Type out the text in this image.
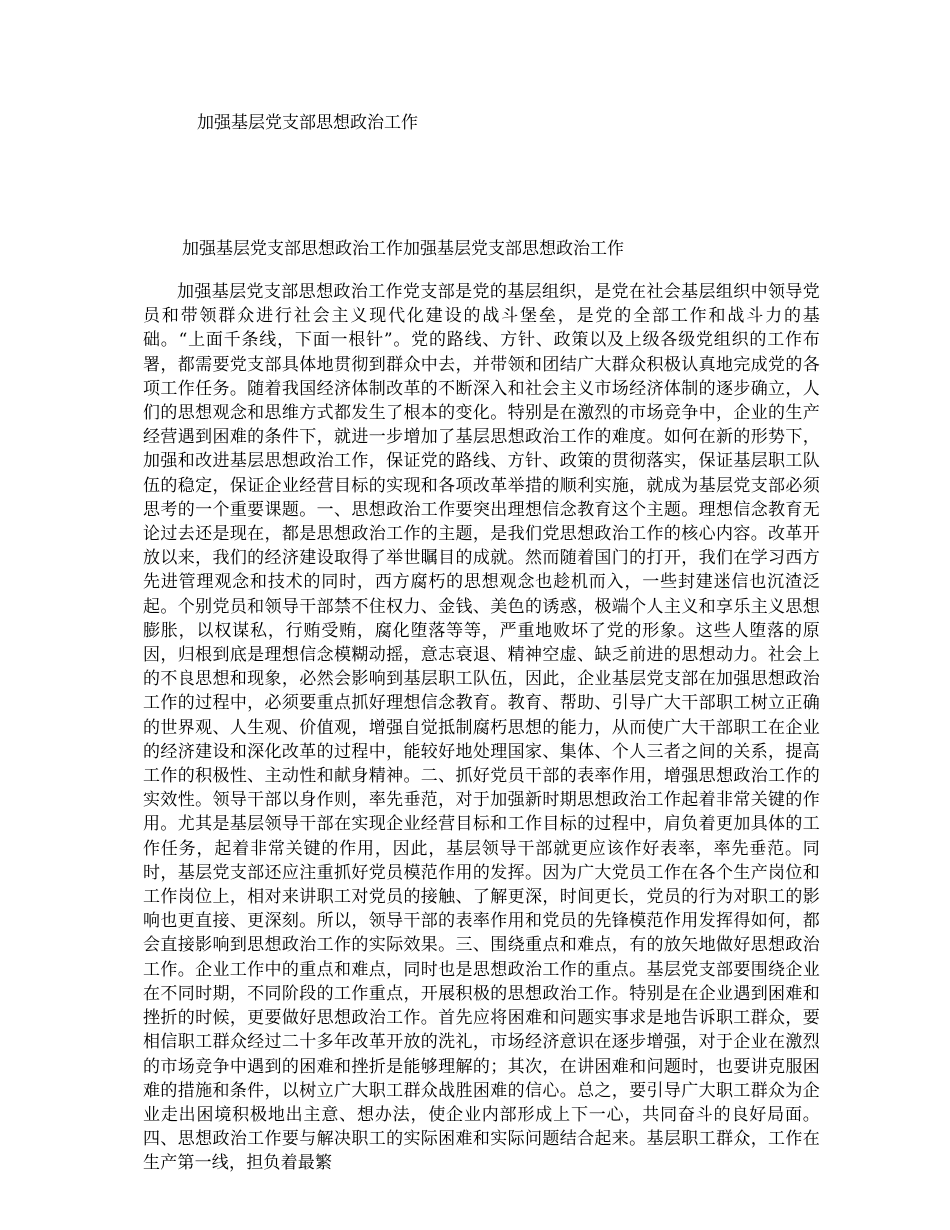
加强基层党支部思想政治工作
加强基层党支部思想政治工作加强基层党支部思想政治工作

加强基层党支部思想政治工作党支部是党的基层组织，是党在社会基层组织中领导党员和带领群众进行社会主义现代化建设的战斗堡垒，是党的全部工作和战斗力的基础。“上面千条线，下面一根针”。党的路线、方针、政策以及上级各级党组织的工作布署，都需要党支部具体地贯彻到群众中去，并带领和团结广大群众积极认真地完成党的各项工作任务。随着我国经济体制改革的不断深入和社会主义市场经济体制的逐步确立，人们的思想观念和思维方式都发生了根本的变化。特别是在激烈的市场竞争中，企业的生产经营遇到困难的条件下，就进一步增加了基层思想政治工作的难度。如何在新的形势下，加强和改进基层思想政治工作，保证党的路线、方针、政策的贯彻落实，保证基层职工队伍的稳定，保证企业经营目标的实现和各项改革举措的顺利实施，就成为基层党支部必须思考的一个重要课题。一、思想政治工作要突出理想信念教育这个主题。理想信念教育无论过去还是现在，都是思想政治工作的主题，是我们党思想政治工作的核心内容。改革开放以来，我们的经济建设取得了举世瞩目的成就。然而随着国门的打开，我们在学习西方先进管理观念和技术的同时，西方腐朽的思想观念也趁机而入，一些封建迷信也沉渣泛起。个别党员和领导干部禁不住权力、金钱、美色的诱惑，极端个人主义和享乐主义思想膨胀，以权谋私，行贿受贿，腐化堕落等等，严重地败坏了党的形象。这些人堕落的原因，归根到底是理想信念模糊动摇，意志衰退、精神空虚、缺乏前进的思想动力。社会上的不良思想和现象，必然会影响到基层职工队伍，因此，企业基层党支部在加强思想政治工作的过程中，必须要重点抓好理想信念教育。教育、帮助、引导广大干部职工树立正确的世界观、人生观、价值观，增强自觉抵制腐朽思想的能力，从而使广大干部职工在企业的经济建设和深化改革的过程中，能较好地处理国家、集体、个人三者之间的关系，提高工作的积极性、主动性和献身精神。二、抓好党员干部的表率作用，增强思想政治工作的实效性。领导干部以身作则，率先垂范，对于加强新时期思想政治工作起着非常关键的作用。尤其是基层领导干部在实现企业经营目标和工作目标的过程中，肩负着更加具体的工作任务，起着非常关键的作用，因此，基层领导干部就更应该作好表率，率先垂范。同时，基层党支部还应注重抓好党员模范作用的发挥。因为广大党员工作在各个生产岗位和工作岗位上，相对来讲职工对党员的接触、了解更深，时间更长，党员的行为对职工的影响也更直接、更深刻。所以，领导干部的表率作用和党员的先锋模范作用发挥得如何，都会直接影响到思想政治工作的实际效果。三、围绕重点和难点，有的放矢地做好思想政治工作。企业工作中的重点和难点，同时也是思想政治工作的重点。基层党支部要围绕企业在不同时期，不同阶段的工作重点，开展积极的思想政治工作。特别是在企业遇到困难和挫折的时候，更要做好思想政治工作。首先应将困难和问题实事求是地告诉职工群众，要相信职工群众经过二十多年改革开放的洗礼，市场经济意识在逐步增强，对于企业在激烈的市场竞争中遇到的困难和挫折是能够理解的；其次，在讲困难和问题时，也要讲克服困难的措施和条件，以树立广大职工群众战胜困难的信心。总之，要引导广大职工群众为企业走出困境积极地出主意、想办法，使企业内部形成上下一心，共同奋斗的良好局面。四、思想政治工作要与解决职工的实际困难和实际问题结合起来。基层职工群众，工作在生产第一线，担负着最繁
